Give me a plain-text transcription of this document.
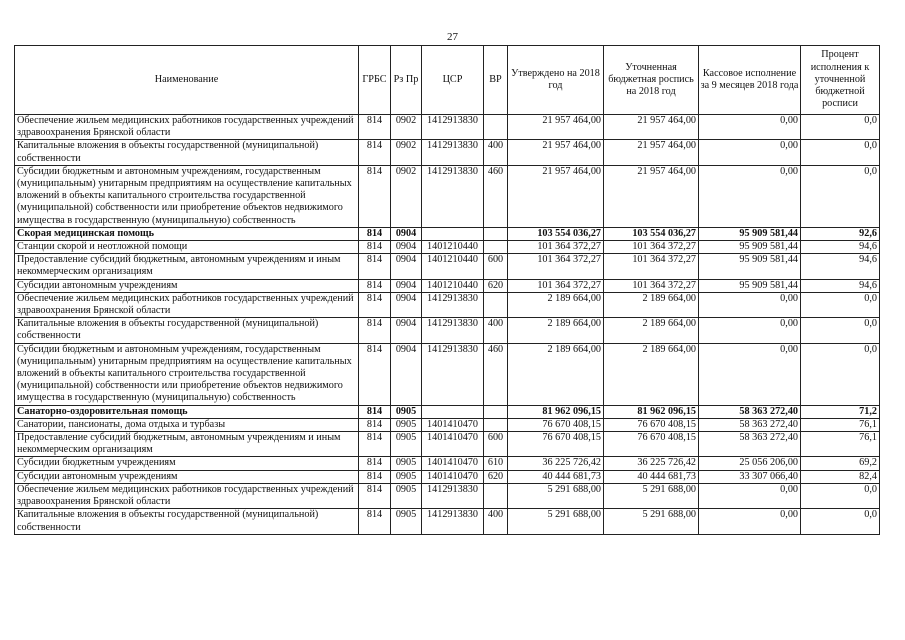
27
Наименование	ГРБС	Рз Пр	ЦСР	ВР	Утверждено на 2018 год	Уточненная бюджетная роспись на 2018 год	Кассовое исполнение за 9 месяцев 2018 года	Процент исполнения к уточненной бюджетной росписи
Обеспечение жильем медицинских работников государственных учреждений здравоохранения Брянской области	814	0902	1412913830		21 957 464,00	21 957 464,00	0,00	0,0
Капитальные вложения в объекты государственной (муниципальной) собственности	814	0902	1412913830	400	21 957 464,00	21 957 464,00	0,00	0,0
Субсидии бюджетным и автономным учреждениям, государственным (муниципальным) унитарным предприятиям на осуществление капитальных вложений в объекты капитального строительства государственной (муниципальной) собственности или приобретение объектов недвижимого имущества в государственную (муниципальную) собственность	814	0902	1412913830	460	21 957 464,00	21 957 464,00	0,00	0,0
Скорая медицинская помощь	814	0904			103 554 036,27	103 554 036,27	95 909 581,44	92,6
Станции скорой и неотложной помощи	814	0904	1401210440		101 364 372,27	101 364 372,27	95 909 581,44	94,6
Предоставление субсидий бюджетным, автономным учреждениям и иным некоммерческим организациям	814	0904	1401210440	600	101 364 372,27	101 364 372,27	95 909 581,44	94,6
Субсидии автономным учреждениям	814	0904	1401210440	620	101 364 372,27	101 364 372,27	95 909 581,44	94,6
Обеспечение жильем медицинских работников государственных учреждений здравоохранения Брянской области	814	0904	1412913830		2 189 664,00	2 189 664,00	0,00	0,0
Капитальные вложения в объекты государственной (муниципальной) собственности	814	0904	1412913830	400	2 189 664,00	2 189 664,00	0,00	0,0
Субсидии бюджетным и автономным учреждениям, государственным (муниципальным) унитарным предприятиям на осуществление капитальных вложений в объекты капитального строительства государственной (муниципальной) собственности или приобретение объектов недвижимого имущества в государственную (муниципальную) собственность	814	0904	1412913830	460	2 189 664,00	2 189 664,00	0,00	0,0
Санаторно-оздоровительная помощь	814	0905			81 962 096,15	81 962 096,15	58 363 272,40	71,2
Санатории, пансионаты, дома отдыха и турбазы	814	0905	1401410470		76 670 408,15	76 670 408,15	58 363 272,40	76,1
Предоставление субсидий бюджетным, автономным учреждениям и иным некоммерческим организациям	814	0905	1401410470	600	76 670 408,15	76 670 408,15	58 363 272,40	76,1
Субсидии бюджетным учреждениям	814	0905	1401410470	610	36 225 726,42	36 225 726,42	25 056 206,00	69,2
Субсидии автономным учреждениям	814	0905	1401410470	620	40 444 681,73	40 444 681,73	33 307 066,40	82,4
Обеспечение жильем медицинских работников государственных учреждений здравоохранения Брянской области	814	0905	1412913830		5 291 688,00	5 291 688,00	0,00	0,0
Капитальные вложения в объекты государственной (муниципальной) собственности	814	0905	1412913830	400	5 291 688,00	5 291 688,00	0,00	0,0
